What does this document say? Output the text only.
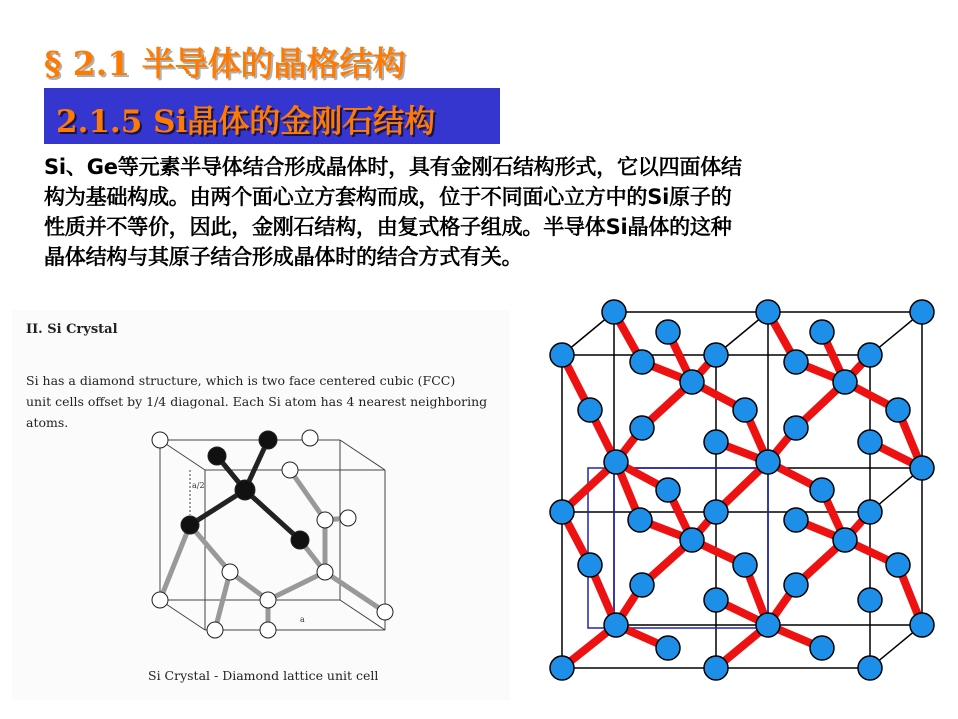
§ 2.1 半导体的晶格结构
2.1.5 Si晶体的金刚石结构
Si、Ge等元素半导体结合形成晶体时，具有金刚石结构形式，它以四面体结
构为基础构成。由两个面心立方套构而成，位于不同面心立方中的Si原子的
性质并不等价，因此，金刚石结构，由复式格子组成。半导体Si晶体的这种
晶体结构与其原子结合形成晶体时的结合方式有关。
II. Si Crystal
Si has a diamond structure, which is two face centered cubic (FCC)
unit cells offset by 1/4 diagonal. Each Si atom has 4 nearest neighboring
atoms.
Si Crystal - Diamond lattice unit cell
a/2
a
